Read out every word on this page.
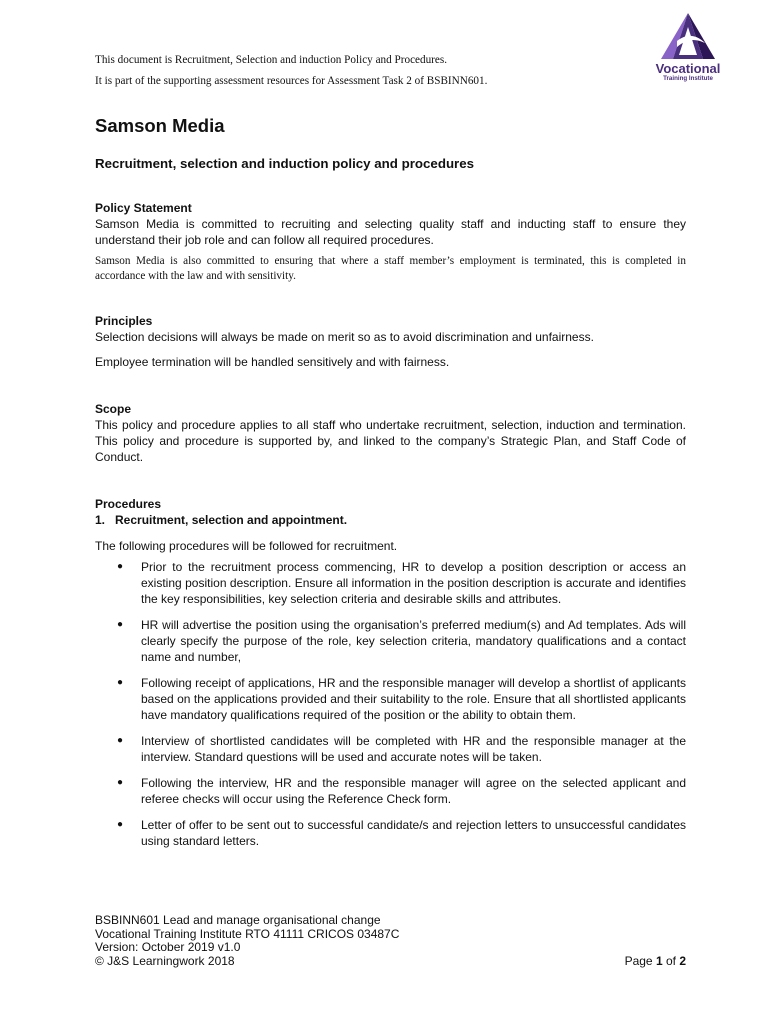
This document is Recruitment, Selection and induction Policy and Procedures.
It is part of the supporting assessment resources for Assessment Task 2 of BSBINN601.
Vocational
Training Institute
Samson Media
Recruitment, selection and induction policy and procedures
Policy Statement

Samson Media is committed to recruiting and selecting quality staff and inducting staff to ensure they understand their job role and can follow all required procedures.

Samson Media is also committed to ensuring that where a staff member’s employment is terminated, this is completed in accordance with the law and with sensitivity.

Principles

Selection decisions will always be made on merit so as to avoid discrimination and unfairness.

Employee termination will be handled sensitively and with fairness.

Scope

This policy and procedure applies to all staff who undertake recruitment, selection, induction and termination. This policy and procedure is supported by, and linked to the company’s Strategic Plan, and Staff Code of Conduct.

Procedures
1.   Recruitment, selection and appointment.

The following procedures will be followed for recruitment.

● Prior to the recruitment process commencing, HR to develop a position description or access an existing position description. Ensure all information in the position description is accurate and identifies the key responsibilities, key selection criteria and desirable skills and attributes.
● HR will advertise the position using the organisation’s preferred medium(s) and Ad templates. Ads will clearly specify the purpose of the role, key selection criteria, mandatory qualifications and a contact name and number,
● Following receipt of applications, HR and the responsible manager will develop a shortlist of applicants based on the applications provided and their suitability to the role. Ensure that all shortlisted applicants have mandatory qualifications required of the position or the ability to obtain them.
● Interview of shortlisted candidates will be completed with HR and the responsible manager at the interview. Standard questions will be used and accurate notes will be taken.
● Following the interview, HR and the responsible manager will agree on the selected applicant and referee checks will occur using the Reference Check form.
● Letter of offer to be sent out to successful candidate/s and rejection letters to unsuccessful candidates using standard letters.
BSBINN601 Lead and manage organisational change
Vocational Training Institute RTO 41111 CRICOS 03487C
Version: October 2019 v1.0
© J&S Learningwork 2018	Page 1 of 2
